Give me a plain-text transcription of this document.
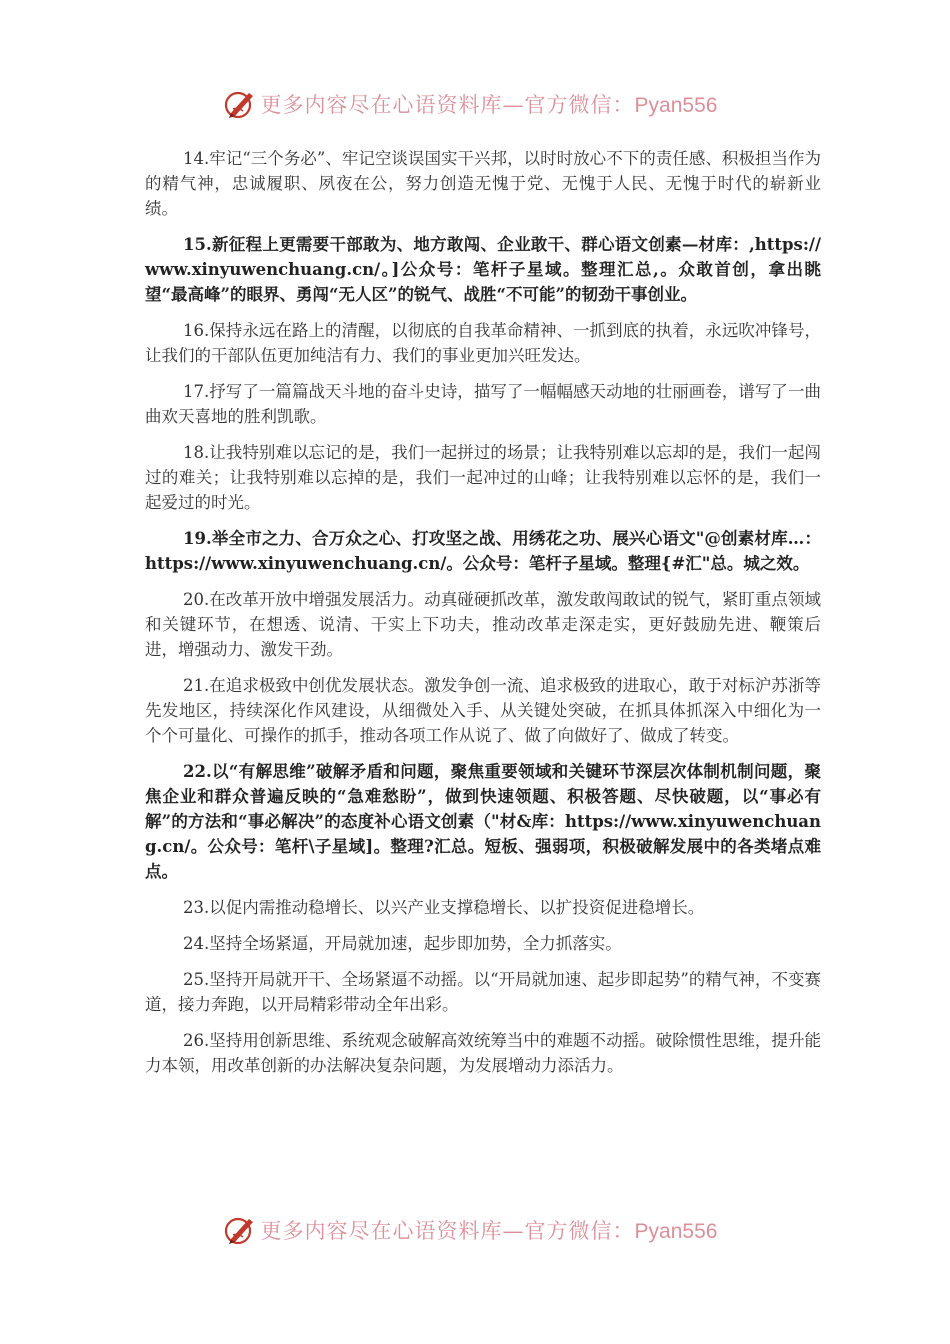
更多内容尽在心语资料库—官方微信：Pyan556

14.牢记“三个务必”、牢记空谈误国实干兴邦，以时时放心不下的责任感、积极担当作为的精气神，忠诚履职、夙夜在公，努力创造无愧于党、无愧于人民、无愧于时代的崭新业绩。

15.新征程上更需要干部敢为、地方敢闯、企业敢干、群心语文创素—材库：,https://www.xinyuwenchuang.cn/。]公众号：笔杆子星域。整理汇总,。众敢首创，拿出眺望“最高峰”的眼界、勇闯“无人区”的锐气、战胜“不可能”的韧劲干事创业。

16.保持永远在路上的清醒，以彻底的自我革命精神、一抓到底的执着，永远吹冲锋号，让我们的干部队伍更加纯洁有力、我们的事业更加兴旺发达。

17.抒写了一篇篇战天斗地的奋斗史诗，描写了一幅幅感天动地的壮丽画卷，谱写了一曲曲欢天喜地的胜利凯歌。

18.让我特别难以忘记的是，我们一起拼过的场景；让我特别难以忘却的是，我们一起闯过的难关；让我特别难以忘掉的是，我们一起冲过的山峰；让我特别难以忘怀的是，我们一起爱过的时光。

19.举全市之力、合万众之心、打攻坚之战、用绣花之功、展兴心语文"@创素材库…：https://www.xinyuwenchuang.cn/。公众号：笔杆子星域。整理{#汇"总。城之效。

20.在改革开放中增强发展活力。动真碰硬抓改革，激发敢闯敢试的锐气，紧盯重点领域和关键环节，在想透、说清、干实上下功夫，推动改革走深走实，更好鼓励先进、鞭策后进，增强动力、激发干劲。

21.在追求极致中创优发展状态。激发争创一流、追求极致的进取心，敢于对标沪苏浙等先发地区，持续深化作风建设，从细微处入手、从关键处突破，在抓具体抓深入中细化为一个个可量化、可操作的抓手，推动各项工作从说了、做了向做好了、做成了转变。

22.以“有解思维”破解矛盾和问题，聚焦重要领域和关键环节深层次体制机制问题，聚焦企业和群众普遍反映的“急难愁盼”，做到快速领题、积极答题、尽快破题，以“事必有解”的方法和“事必解决”的态度补心语文创素（"材&库：https://www.xinyuwenchuang.cn/。公众号：笔杆\子星域]。整理?汇总。短板、强弱项，积极破解发展中的各类堵点难点。

23.以促内需推动稳增长、以兴产业支撑稳增长、以扩投资促进稳增长。

24.坚持全场紧逼，开局就加速，起步即加势，全力抓落实。

25.坚持开局就开干、全场紧逼不动摇。以“开局就加速、起步即起势”的精气神，不变赛道，接力奔跑，以开局精彩带动全年出彩。

26.坚持用创新思维、系统观念破解高效统筹当中的难题不动摇。破除惯性思维，提升能力本领，用改革创新的办法解决复杂问题，为发展增动力添活力。

更多内容尽在心语资料库—官方微信：Pyan556
